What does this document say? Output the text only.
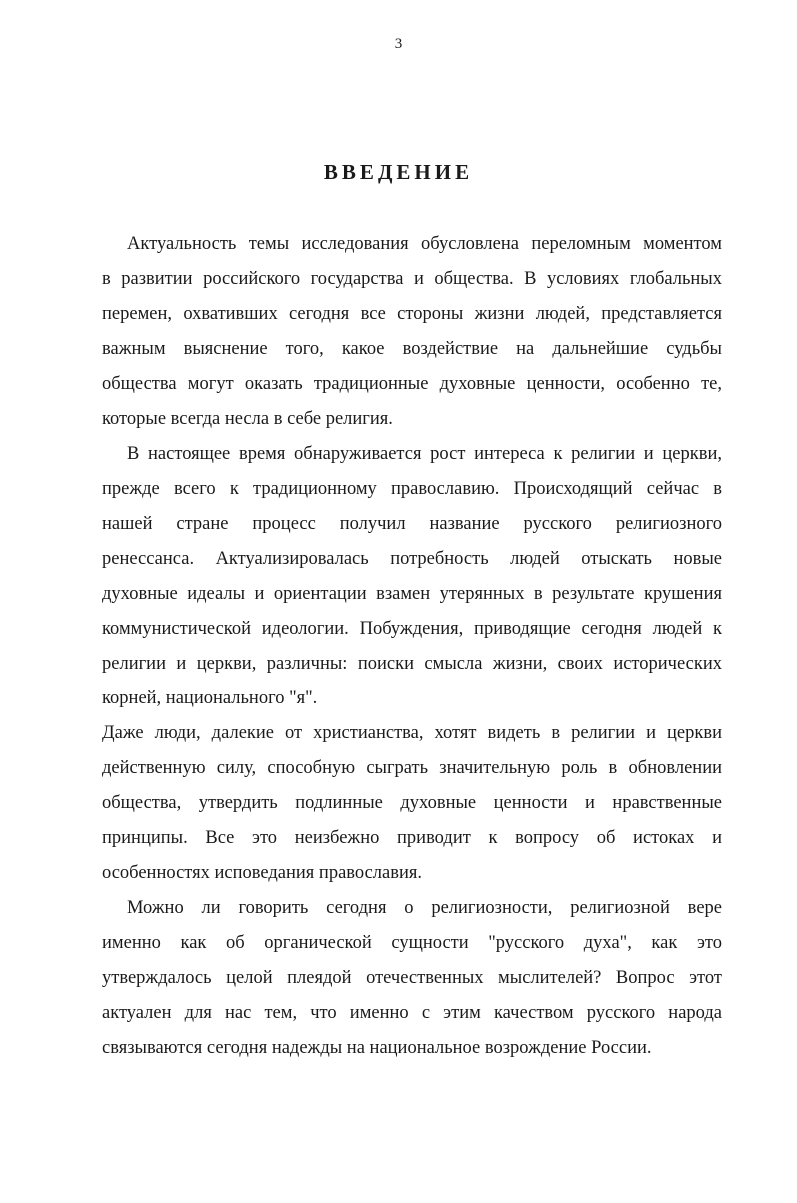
3
ВВЕДЕНИЕ
Актуальность темы исследования обусловлена переломным моментом
в развитии российского государства и общества. В условиях глобальных
перемен, охвативших сегодня все стороны жизни людей, представляется
важным выяснение того, какое воздействие на дальнейшие судьбы
общества могут оказать традиционные духовные ценности, особенно те,
которые всегда несла в себе религия.
В настоящее время обнаруживается рост интереса к религии и церкви,
прежде всего к традиционному православию. Происходящий сейчас в
нашей стране процесс получил название русского религиозного
ренессанса. Актуализировалась потребность людей отыскать новые
духовные идеалы и ориентации взамен утерянных в результате крушения
коммунистической идеологии. Побуждения, приводящие сегодня людей к
религии и церкви, различны: поиски смысла жизни, своих исторических
корней, национального "я".
Даже люди, далекие от христианства, хотят видеть в религии и церкви
действенную силу, способную сыграть значительную роль в обновлении
общества, утвердить подлинные духовные ценности и нравственные
принципы. Все это неизбежно приводит к вопросу об истоках и
особенностях исповедания православия.
Можно ли говорить сегодня о религиозности, религиозной вере
именно как об органической сущности "русского духа", как это
утверждалось целой плеядой отечественных мыслителей? Вопрос этот
актуален для нас тем, что именно с этим качеством русского народа
связываются сегодня надежды на национальное возрождение России.
